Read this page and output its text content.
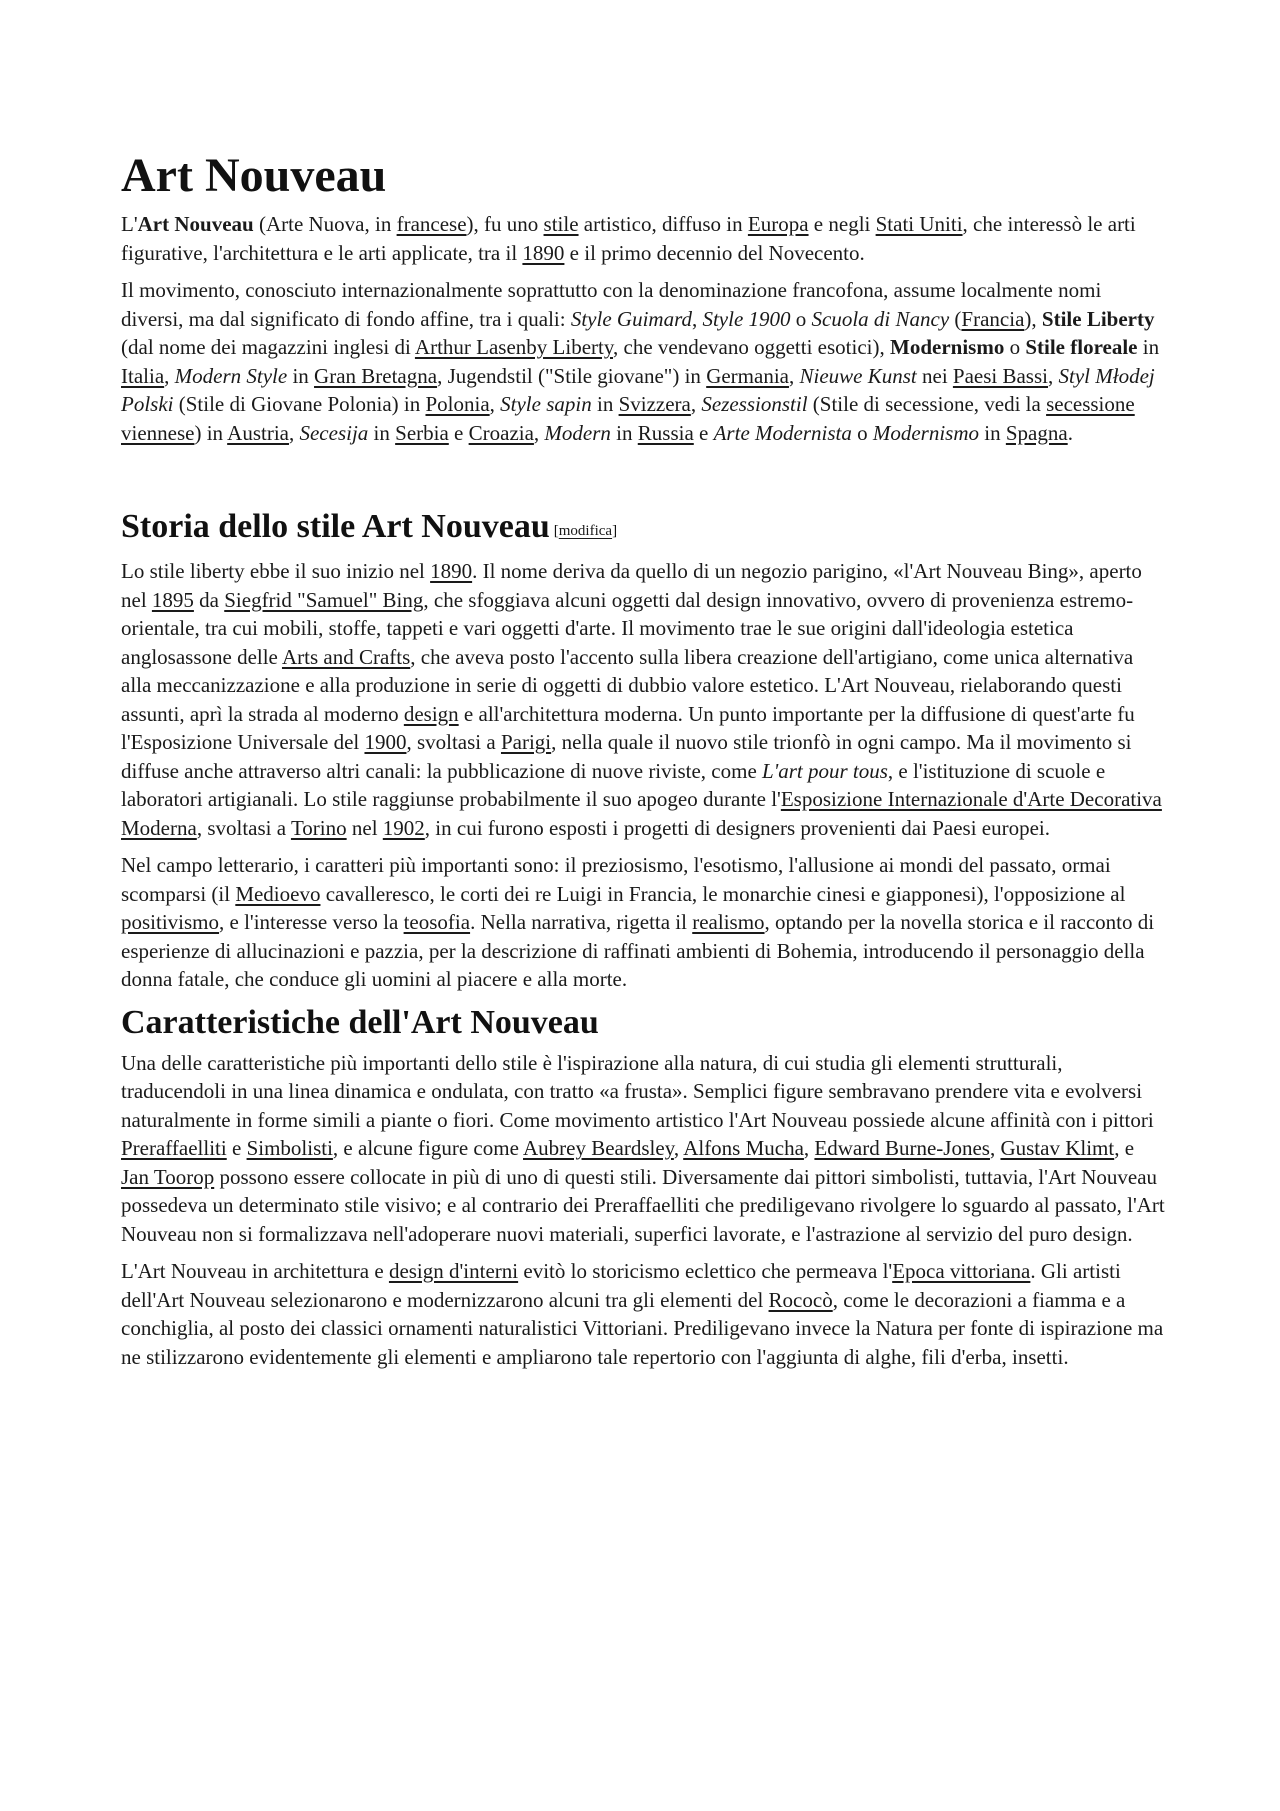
Art Nouveau

L'Art Nouveau (Arte Nuova, in francese), fu uno stile artistico, diffuso in Europa e negli Stati Uniti, che interessò le arti figurative, l'architettura e le arti applicate, tra il 1890 e il primo decennio del Novecento.

Il movimento, conosciuto internazionalmente soprattutto con la denominazione francofona, assume localmente nomi diversi, ma dal significato di fondo affine, tra i quali: Style Guimard, Style 1900 o Scuola di Nancy (Francia), Stile Liberty (dal nome dei magazzini inglesi di Arthur Lasenby Liberty, che vendevano oggetti esotici), Modernismo o Stile floreale in Italia, Modern Style in Gran Bretagna, Jugendstil ("Stile giovane") in Germania, Nieuwe Kunst nei Paesi Bassi, Styl Młodej Polski (Stile di Giovane Polonia) in Polonia, Style sapin in Svizzera, Sezessionstil (Stile di secessione, vedi la secessione viennese) in Austria, Secesija in Serbia e Croazia, Modern in Russia e Arte Modernista o Modernismo in Spagna.

Storia dello stile Art Nouveau [modifica]

Lo stile liberty ebbe il suo inizio nel 1890. Il nome deriva da quello di un negozio parigino, «l'Art Nouveau Bing», aperto nel 1895 da Siegfrid "Samuel" Bing, che sfoggiava alcuni oggetti dal design innovativo, ovvero di provenienza estremo-orientale, tra cui mobili, stoffe, tappeti e vari oggetti d'arte. Il movimento trae le sue origini dall'ideologia estetica anglosassone delle Arts and Crafts, che aveva posto l'accento sulla libera creazione dell'artigiano, come unica alternativa alla meccanizzazione e alla produzione in serie di oggetti di dubbio valore estetico. L'Art Nouveau, rielaborando questi assunti, aprì la strada al moderno design e all'architettura moderna. Un punto importante per la diffusione di quest'arte fu l'Esposizione Universale del 1900, svoltasi a Parigi, nella quale il nuovo stile trionfò in ogni campo. Ma il movimento si diffuse anche attraverso altri canali: la pubblicazione di nuove riviste, come L'art pour tous, e l'istituzione di scuole e laboratori artigianali. Lo stile raggiunse probabilmente il suo apogeo durante l'Esposizione Internazionale d'Arte Decorativa Moderna, svoltasi a Torino nel 1902, in cui furono esposti i progetti di designers provenienti dai Paesi europei.

Nel campo letterario, i caratteri più importanti sono: il preziosismo, l'esotismo, l'allusione ai mondi del passato, ormai scomparsi (il Medioevo cavalleresco, le corti dei re Luigi in Francia, le monarchie cinesi e giapponesi), l'opposizione al positivismo, e l'interesse verso la teosofia. Nella narrativa, rigetta il realismo, optando per la novella storica e il racconto di esperienze di allucinazioni e pazzia, per la descrizione di raffinati ambienti di Bohemia, introducendo il personaggio della donna fatale, che conduce gli uomini al piacere e alla morte.

Caratteristiche dell'Art Nouveau

Una delle caratteristiche più importanti dello stile è l'ispirazione alla natura, di cui studia gli elementi strutturali, traducendoli in una linea dinamica e ondulata, con tratto «a frusta». Semplici figure sembravano prendere vita e evolversi naturalmente in forme simili a piante o fiori. Come movimento artistico l'Art Nouveau possiede alcune affinità con i pittori Preraffaelliti e Simbolisti, e alcune figure come Aubrey Beardsley, Alfons Mucha, Edward Burne-Jones, Gustav Klimt, e Jan Toorop possono essere collocate in più di uno di questi stili. Diversamente dai pittori simbolisti, tuttavia, l'Art Nouveau possedeva un determinato stile visivo; e al contrario dei Preraffaelliti che prediligevano rivolgere lo sguardo al passato, l'Art Nouveau non si formalizzava nell'adoperare nuovi materiali, superfici lavorate, e l'astrazione al servizio del puro design.

L'Art Nouveau in architettura e design d'interni evitò lo storicismo eclettico che permeava l'Epoca vittoriana. Gli artisti dell'Art Nouveau selezionarono e modernizzarono alcuni tra gli elementi del Rococò, come le decorazioni a fiamma e a conchiglia, al posto dei classici ornamenti naturalistici Vittoriani. Prediligevano invece la Natura per fonte di ispirazione ma ne stilizzarono evidentemente gli elementi e ampliarono tale repertorio con l'aggiunta di alghe, fili d'erba, insetti.
